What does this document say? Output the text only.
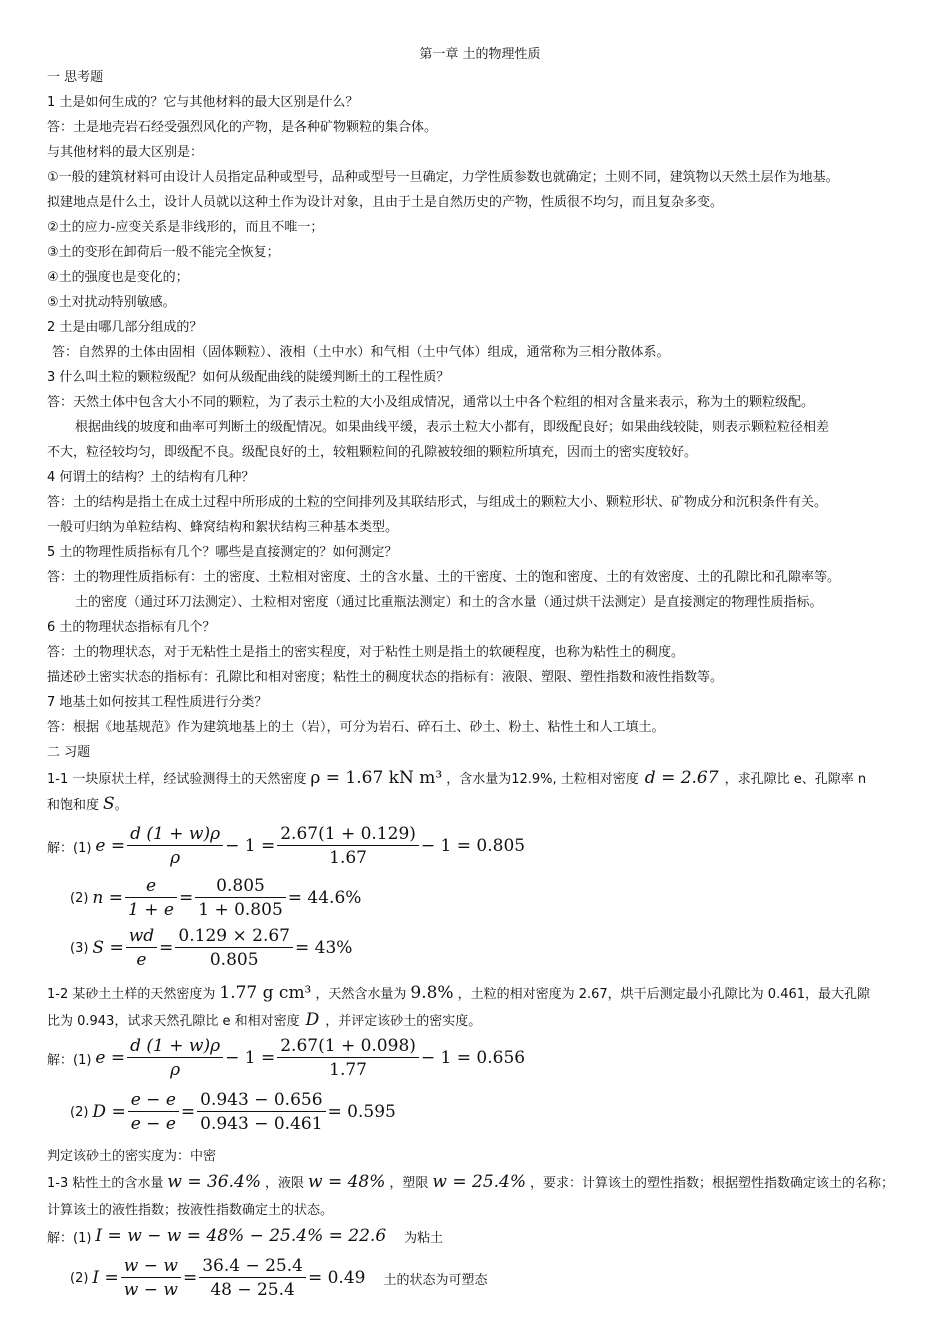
第一章 土的物理性质
一 思考题
1 土是如何生成的？它与其他材料的最大区别是什么？
答：土是地壳岩石经受强烈风化的产物，是各种矿物颗粒的集合体。
与其他材料的最大区别是：
①一般的建筑材料可由设计人员指定品种或型号，品种或型号一旦确定，力学性质参数也就确定；土则不同，建筑物以天然土层作为地基。
拟建地点是什么土，设计人员就以这种土作为设计对象，且由于土是自然历史的产物，性质很不均匀，而且复杂多变。
②土的应力-应变关系是非线形的，而且不唯一；
③土的变形在卸荷后一般不能完全恢复；
④土的强度也是变化的；
⑤土对扰动特别敏感。
2 土是由哪几部分组成的？
答：自然界的土体由固相（固体颗粒）、液相（土中水）和气相（土中气体）组成，通常称为三相分散体系。
3 什么叫土粒的颗粒级配？如何从级配曲线的陡缓判断土的工程性质？
答：天然土体中包含大小不同的颗粒，为了表示土粒的大小及组成情况，通常以土中各个粒组的相对含量来表示，称为土的颗粒级配。
根据曲线的坡度和曲率可判断土的级配情况。如果曲线平缓，表示土粒大小都有，即级配良好；如果曲线较陡，则表示颗粒粒径相差
不大，粒径较均匀，即级配不良。级配良好的土，较粗颗粒间的孔隙被较细的颗粒所填充，因而土的密实度较好。
4 何谓土的结构？土的结构有几种？
答：土的结构是指土在成土过程中所形成的土粒的空间排列及其联结形式，与组成土的颗粒大小、颗粒形状、矿物成分和沉积条件有关。
一般可归纳为单粒结构、蜂窝结构和絮状结构三种基本类型。
5 土的物理性质指标有几个？哪些是直接测定的？如何测定？
答：土的物理性质指标有：土的密度、土粒相对密度、土的含水量、土的干密度、土的饱和密度、土的有效密度、土的孔隙比和孔隙率等。
土的密度（通过环刀法测定）、土粒相对密度（通过比重瓶法测定）和土的含水量（通过烘干法测定）是直接测定的物理性质指标。
6 土的物理状态指标有几个？
答：土的物理状态，对于无粘性土是指土的密实程度，对于粘性土则是指土的软硬程度，也称为粘性土的稠度。
描述砂土密实状态的指标有：孔隙比和相对密度；粘性土的稠度状态的指标有：液限、塑限、塑性指数和液性指数等。
7 地基土如何按其工程性质进行分类？
答：根据《地基规范》作为建筑地基上的土（岩），可分为岩石、碎石土、砂土、粉土、粘性土和人工填土。
二 习题
1-1 一块原状土样，经试验测得土的天然密度 ρ = 1.67 kN m³ ，含水量为12.9%, 土粒相对密度 d = 2.67 ，求孔隙比 e、孔隙率 n
和饱和度 S。
解：(1) $e = \frac{d (1 + w)\rho}{\rho} - 1 = \frac{2.67(1 + 0.129)}{1.67} - 1 = 0.805$
(2) $n = \frac{e}{1 + e} = \frac{0.805}{1 + 0.805} = 44.6\%$
(3) $S = \frac{wd}{e} = \frac{0.129 \times 2.67}{0.805} = 43\%$
1-2 某砂土土样的天然密度为 1.77 g cm³ ，天然含水量为 9.8% ，土粒的相对密度为 2.67，烘干后测定最小孔隙比为 0.461，最大孔隙
比为 0.943，试求天然孔隙比 e 和相对密度 D ，并评定该砂土的密实度。
解：(1) $e = \frac{d (1 + w)\rho}{\rho} - 1 = \frac{2.67(1 + 0.098)}{1.77} - 1 = 0.656$
(2) $D = \frac{e - e}{e - e} = \frac{0.943 - 0.656}{0.943 - 0.461} = 0.595$
判定该砂土的密实度为：中密
1-3 粘性土的含水量 w = 36.4% ，液限 w = 48% ，塑限 w = 25.4% ，要求：计算该土的塑性指数；根据塑性指数确定该土的名称；
计算该土的液性指数；按液性指数确定土的状态。
解：(1) I = w − w = 48% − 25.4% = 22.6 为粘土
(2) $I = \frac{w - w}{w - w} = \frac{36.4 - 25.4}{48 - 25.4} = 0.49$ 土的状态为可塑态
